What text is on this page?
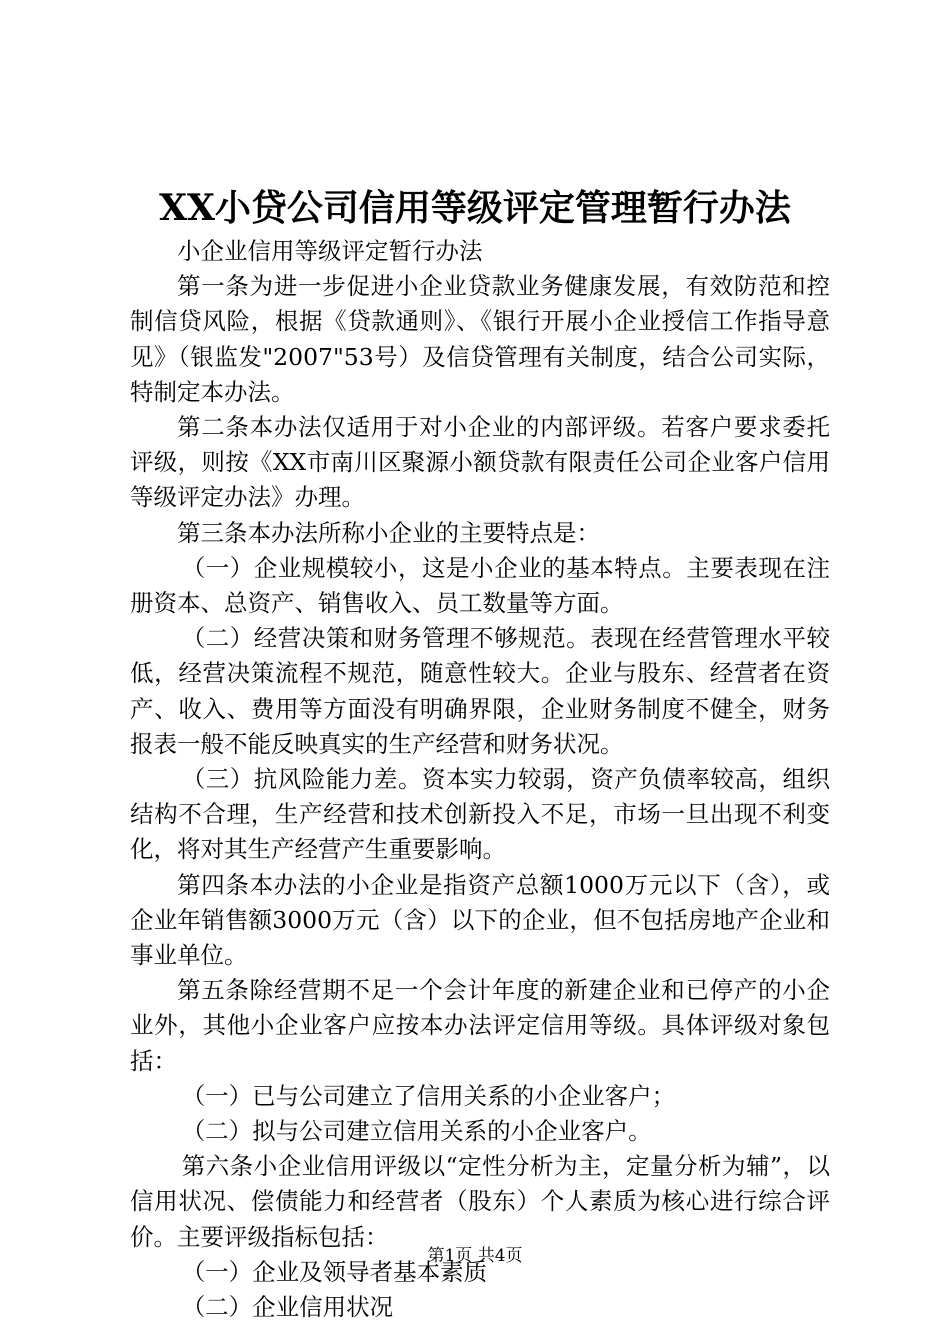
XX小贷公司信用等级评定管理暂行办法

小企业信用等级评定暂行办法

第一条为进一步促进小企业贷款业务健康发展，有效防范和控制信贷风险，根据《贷款通则》、《银行开展小企业授信工作指导意见》（银监发"2007"53号）及信贷管理有关制度，结合公司实际，特制定本办法。

第二条本办法仅适用于对小企业的内部评级。若客户要求委托评级，则按《XX市南川区聚源小额贷款有限责任公司企业客户信用等级评定办法》办理。

第三条本办法所称小企业的主要特点是：

（一）企业规模较小，这是小企业的基本特点。主要表现在注册资本、总资产、销售收入、员工数量等方面。

（二）经营决策和财务管理不够规范。表现在经营管理水平较低，经营决策流程不规范，随意性较大。企业与股东、经营者在资产、收入、费用等方面没有明确界限，企业财务制度不健全，财务报表一般不能反映真实的生产经营和财务状况。

（三）抗风险能力差。资本实力较弱，资产负债率较高，组织结构不合理，生产经营和技术创新投入不足，市场一旦出现不利变化，将对其生产经营产生重要影响。

第四条本办法的小企业是指资产总额1000万元以下（含），或企业年销售额3000万元（含）以下的企业，但不包括房地产企业和事业单位。

第五条除经营期不足一个会计年度的新建企业和已停产的小企业外，其他小企业客户应按本办法评定信用等级。具体评级对象包括：

（一）已与公司建立了信用关系的小企业客户；

（二）拟与公司建立信用关系的小企业客户。

第六条小企业信用评级以“定性分析为主，定量分析为辅”，以信用状况、偿债能力和经营者（股东）个人素质为核心进行综合评价。主要评级指标包括：

（一）企业及领导者基本素质

（二）企业信用状况

第1页 共4页
